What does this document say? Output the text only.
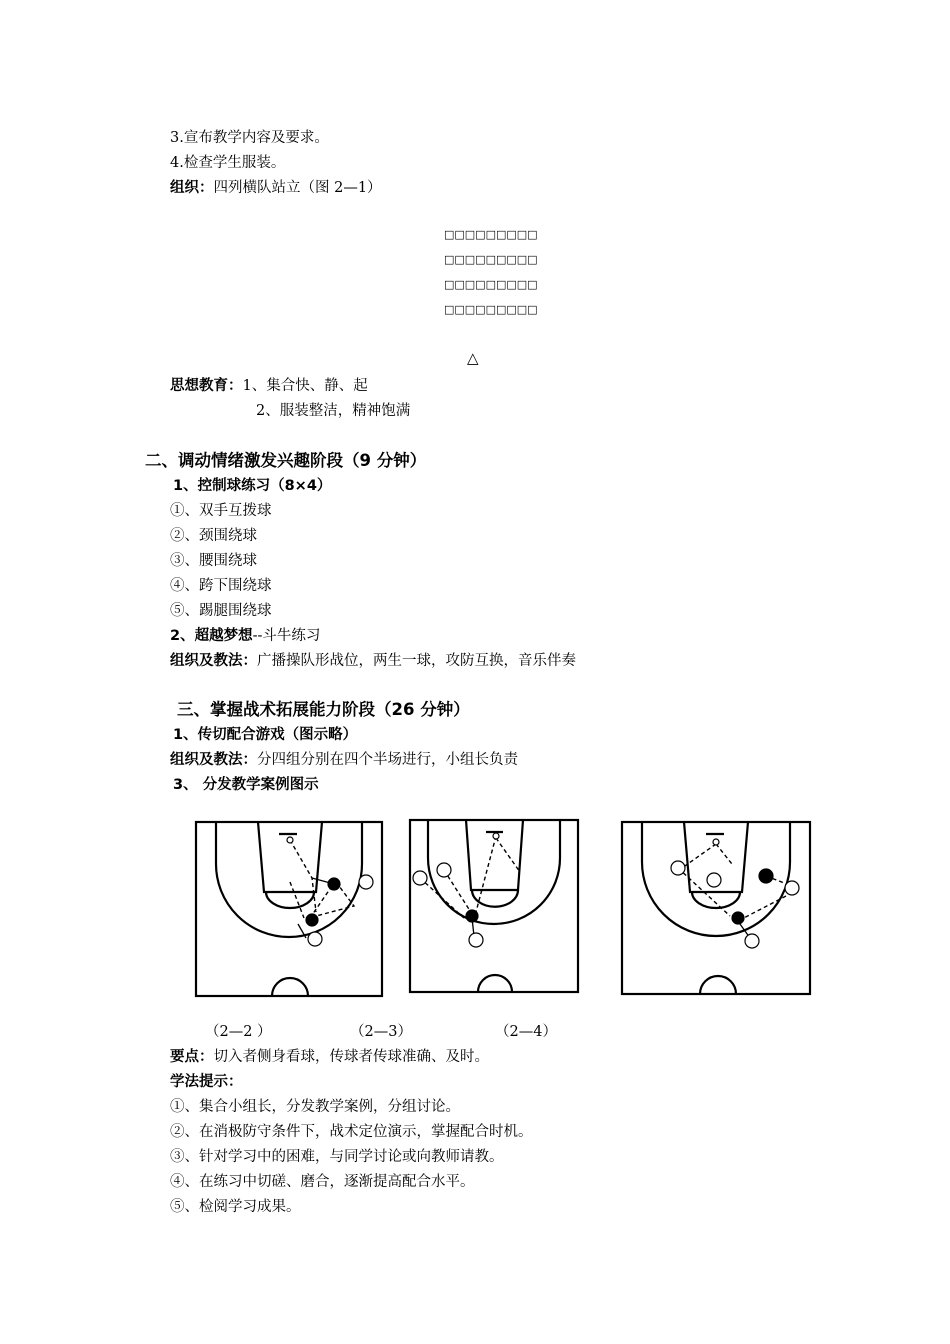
3.宣布教学内容及要求。
4.检查学生服装。
组织：四列横队站立（图 2—1）
□□□□□□□□□
□□□□□□□□□
□□□□□□□□□
□□□□□□□□□
△
思想教育：1、集合快、静、起
2、服装整洁，精神饱满
二、调动情绪激发兴趣阶段（9 分钟）
1、控制球练习（8×4）
①、双手互拨球
②、颈围绕球
③、腰围绕球
④、跨下围绕球
⑤、踢腿围绕球
2、超越梦想--斗牛练习
组织及教法：广播操队形战位，两生一球，攻防互换，音乐伴奏
三、掌握战术拓展能力阶段（26 分钟）
1、传切配合游戏（图示略）
组织及教法：分四组分别在四个半场进行，小组长负责
3、 分发教学案例图示
（2—2 ）	（2—3）	（2—4）
要点：切入者侧身看球，传球者传球准确、及时。
学法提示：
①、集合小组长，分发教学案例，分组讨论。
②、在消极防守条件下，战术定位演示，掌握配合时机。
③、针对学习中的困难，与同学讨论或向教师请教。
④、在练习中切磋、磨合，逐渐提高配合水平。
⑤、检阅学习成果。
